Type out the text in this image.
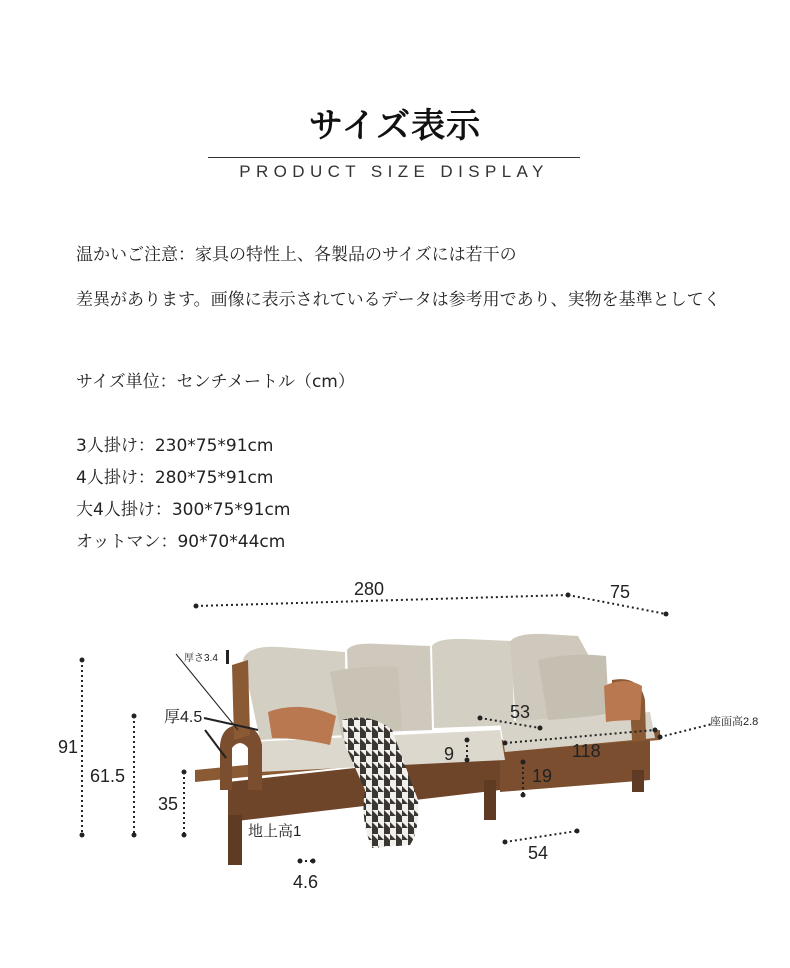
サイズ表示
PRODUCT SIZE DISPLAY
温かいご注意：家具の特性上、各製品のサイズには若干の
差異があります。画像に表示されているデータは参考用であり、実物を基準としてく
サイズ単位：センチメートル（cm）
3人掛け：230*75*91cm
4人掛け：280*75*91cm
大4人掛け：300*75*91cm
オットマン：90*70*44cm
280	75
厚さ3.4
厚4.5
91
61.5
35
53
9	118
座面高2.8
19
地上高1
4.6
54
